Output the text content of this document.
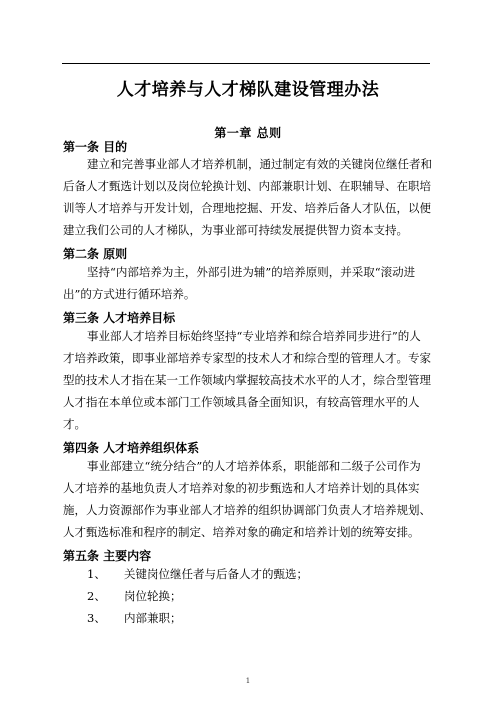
人才培养与人才梯队建设管理办法
第一章 总则
第一条 目的
建立和完善事业部人才培养机制，通过制定有效的关键岗位继任者和
后备人才甄选计划以及岗位轮换计划、内部兼职计划、在职辅导、在职培
训等人才培养与开发计划，合理地挖掘、开发、培养后备人才队伍，以便
建立我们公司的人才梯队，为事业部可持续发展提供智力资本支持。
第二条 原则
坚持“内部培养为主，外部引进为辅”的培养原则，并采取“滚动进
出”的方式进行循环培养。
第三条 人才培养目标
事业部人才培养目标始终坚持“专业培养和综合培养同步进行”的人
才培养政策，即事业部培养专家型的技术人才和综合型的管理人才。专家
型的技术人才指在某一工作领域内掌握较高技术水平的人才，综合型管理
人才指在本单位或本部门工作领域具备全面知识，有较高管理水平的人
才。
第四条 人才培养组织体系
事业部建立“统分结合”的人才培养体系，职能部和二级子公司作为
人才培养的基地负责人才培养对象的初步甄选和人才培养计划的具体实
施，人力资源部作为事业部人才培养的组织协调部门负责人才培养规划、
人才甄选标准和程序的制定、培养对象的确定和培养计划的统筹安排。
第五条 主要内容
1、 关键岗位继任者与后备人才的甄选；
2、 岗位轮换；
3、 内部兼职；
1
